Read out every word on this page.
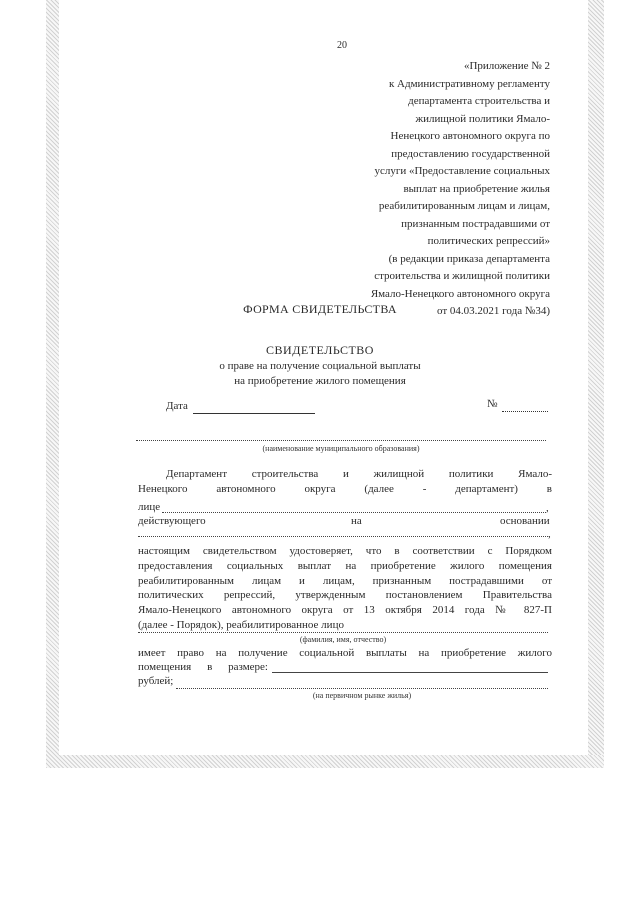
20
«Приложение № 2
к Административному регламенту
департамента строительства и
жилищной политики Ямало-
Ненецкого автономного округа по
предоставлению государственной
услуги «Предоставление социальных
выплат на приобретение жилья
реабилитированным лицам и лицам,
признанным пострадавшими от
политических репрессий»
(в редакции приказа департамента
строительства и жилищной политики
Ямало-Ненецкого автономного округа
от 04.03.2021 года №34)
ФОРМА СВИДЕТЕЛЬСТВА
СВИДЕТЕЛЬСТВО
о праве на получение социальной выплаты
на приобретение жилого помещения
Дата	№
(наименование муниципального образования)
Департамент строительства и жилищной политики Ямало-
Ненецкого автономного округа (далее - департамент) в
лице	,
действующего	на	основании
,
настоящим свидетельством удостоверяет, что в соответствии с Порядком
предоставления социальных выплат на приобретение жилого помещения
реабилитированным лицам и лицам, признанным пострадавшими от
политических репрессий, утвержденным постановлением Правительства
Ямало-Ненецкого автономного округа от 13 октября 2014 года № 827-П
(далее - Порядок), реабилитированное лицо
(фамилия, имя, отчество)
имеет право на получение социальной выплаты на приобретение жилого
помещения в размере:
рублей;
(на первичном рынке жилья)
